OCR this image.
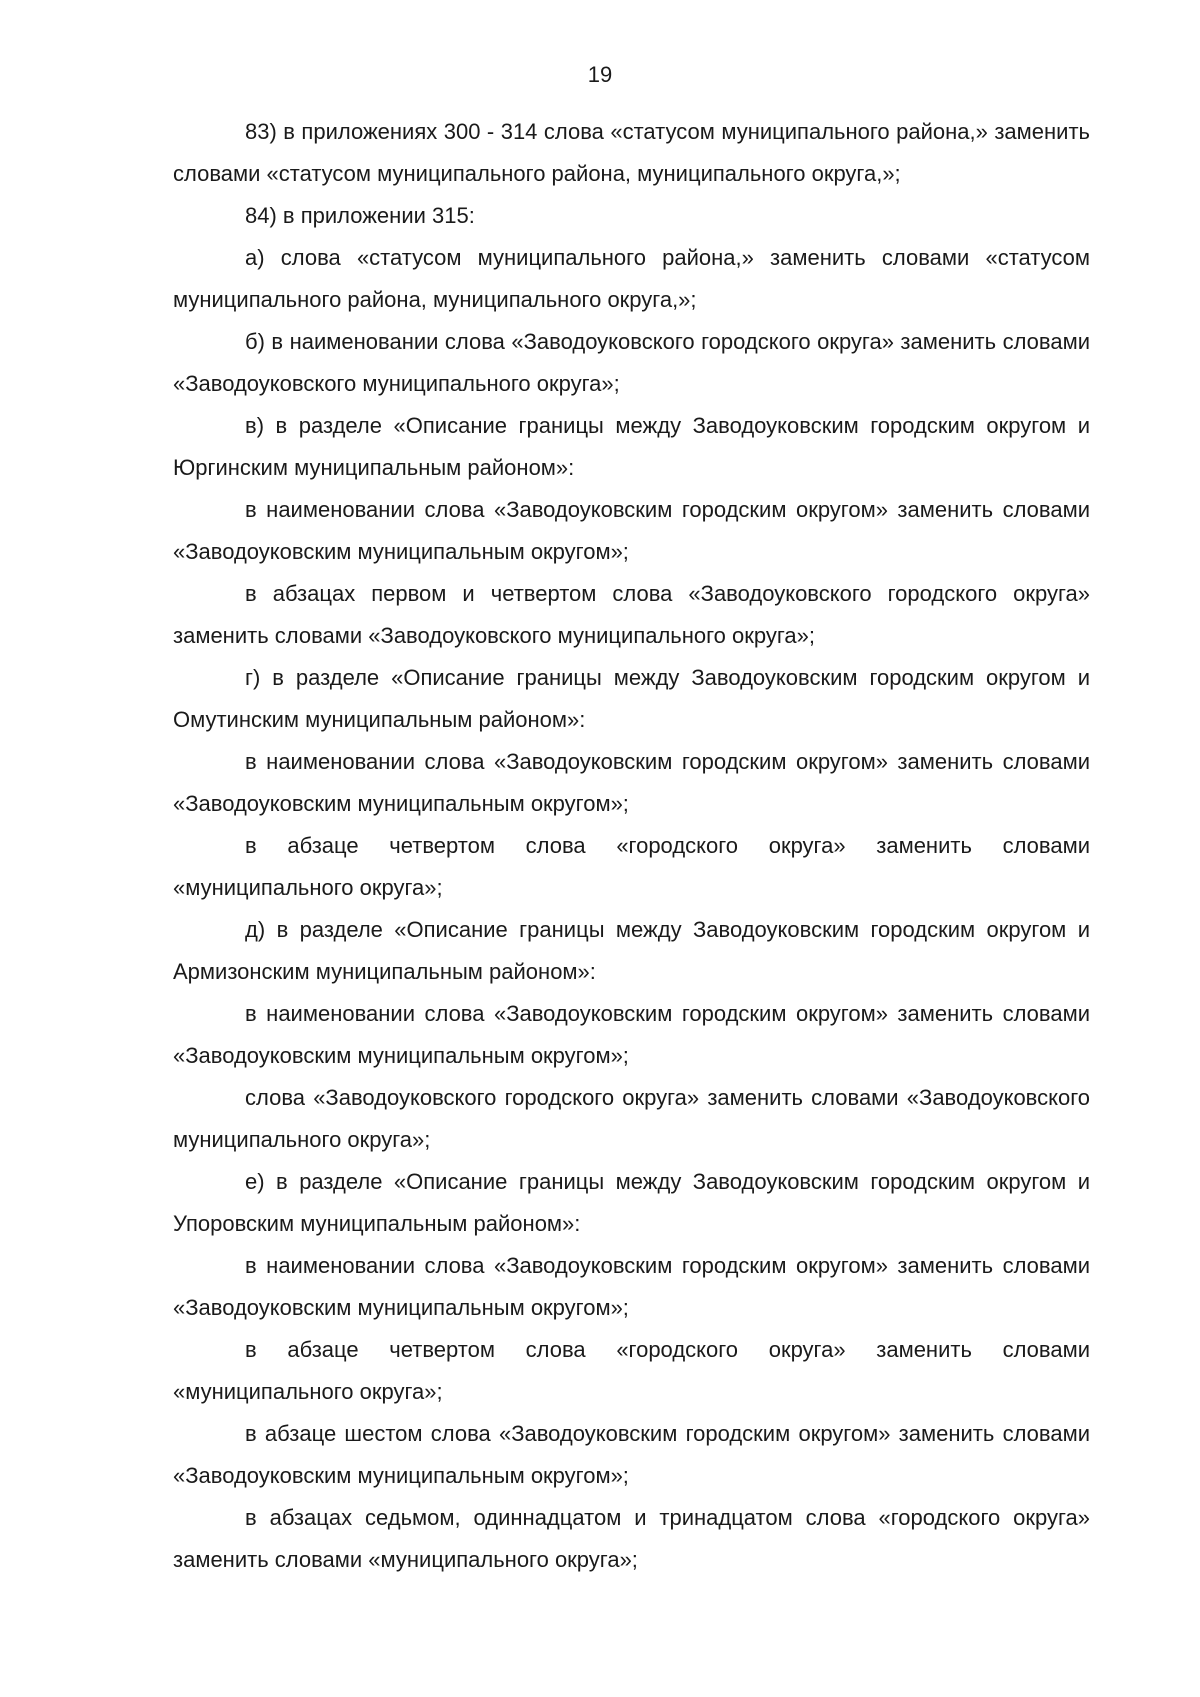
19

83) в приложениях 300 - 314 слова «статусом муниципального района,» заменить словами «статусом муниципального района, муниципального округа,»;

84) в приложении 315:

а) слова «статусом муниципального района,» заменить словами «статусом муниципального района, муниципального округа,»;

б) в наименовании слова «Заводоуковского городского округа» заменить словами «Заводоуковского муниципального округа»;

в) в разделе «Описание границы между Заводоуковским городским округом и Юргинским муниципальным районом»:

в наименовании слова «Заводоуковским городским округом» заменить словами «Заводоуковским муниципальным округом»;

в абзацах первом и четвертом слова «Заводоуковского городского округа» заменить словами «Заводоуковского муниципального округа»;

г) в разделе «Описание границы между Заводоуковским городским округом и Омутинским муниципальным районом»:

в наименовании слова «Заводоуковским городским округом» заменить словами «Заводоуковским муниципальным округом»;

в абзаце четвертом слова «городского округа» заменить словами «муниципального округа»;

д) в разделе «Описание границы между Заводоуковским городским округом и Армизонским муниципальным районом»:

в наименовании слова «Заводоуковским городским округом» заменить словами «Заводоуковским муниципальным округом»;

слова «Заводоуковского городского округа» заменить словами «Заводоуковского муниципального округа»;

е) в разделе «Описание границы между Заводоуковским городским округом и Упоровским муниципальным районом»:

в наименовании слова «Заводоуковским городским округом» заменить словами «Заводоуковским муниципальным округом»;

в абзаце четвертом слова «городского округа» заменить словами «муниципального округа»;

в абзаце шестом слова «Заводоуковским городским округом» заменить словами «Заводоуковским муниципальным округом»;

в абзацах седьмом, одиннадцатом и тринадцатом слова «городского округа» заменить словами «муниципального округа»;
